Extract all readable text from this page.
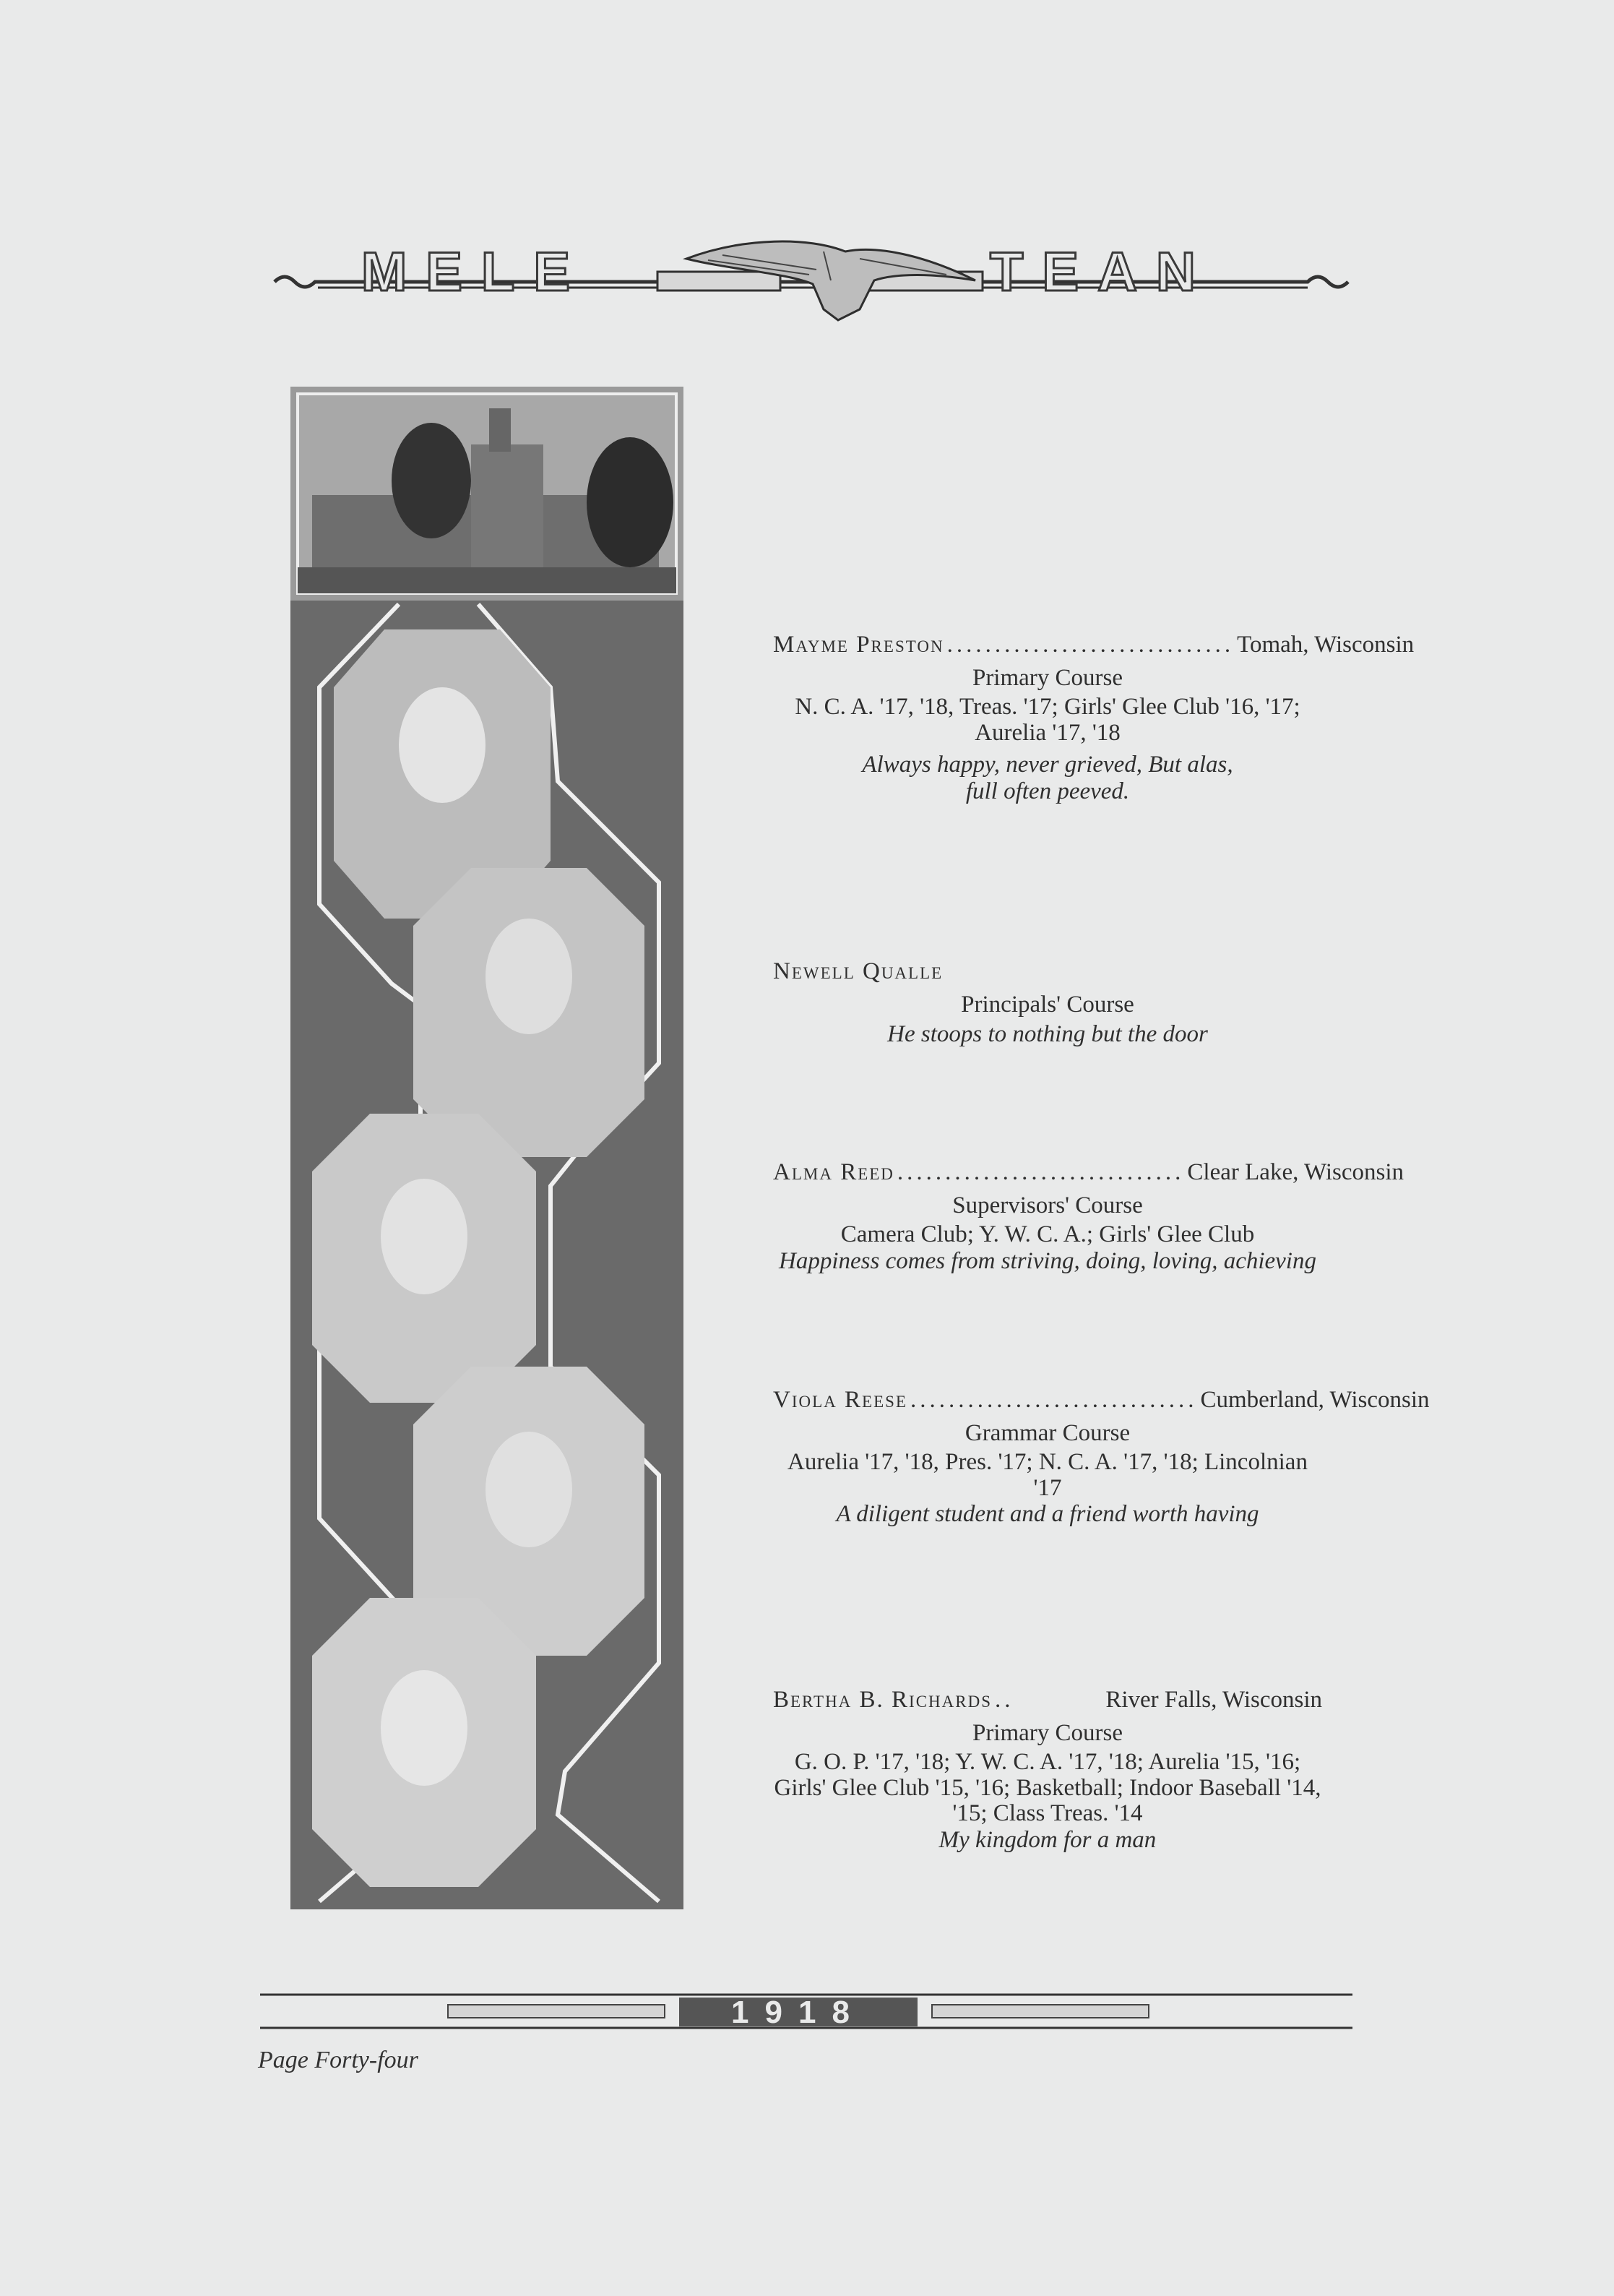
MELE	TEAN
Mayme Preston .............................. Tomah, Wisconsin
Primary Course
N. C. A. '17, '18, Treas. '17; Girls' Glee Club '16, '17; Aurelia '17, '18
Always happy, never grieved, But alas, full often peeved.
Newell Qualle
Principals' Course
He stoops to nothing but the door
Alma Reed .............................. Clear Lake, Wisconsin
Supervisors' Course
Camera Club; Y. W. C. A.; Girls' Glee Club
Happiness comes from striving, doing, loving, achieving
Viola Reese .............................. Cumberland, Wisconsin
Grammar Course
Aurelia '17, '18, Pres. '17; N. C. A. '17, '18; Lincolnian '17
A diligent student and a friend worth having
Bertha B. Richards ..	River Falls, Wisconsin
Primary Course
G. O. P. '17, '18; Y. W. C. A. '17, '18; Aurelia '15, '16; Girls' Glee Club '15, '16; Basketball; Indoor Baseball '14, '15; Class Treas. '14
My kingdom for a man
1918
Page Forty-four
